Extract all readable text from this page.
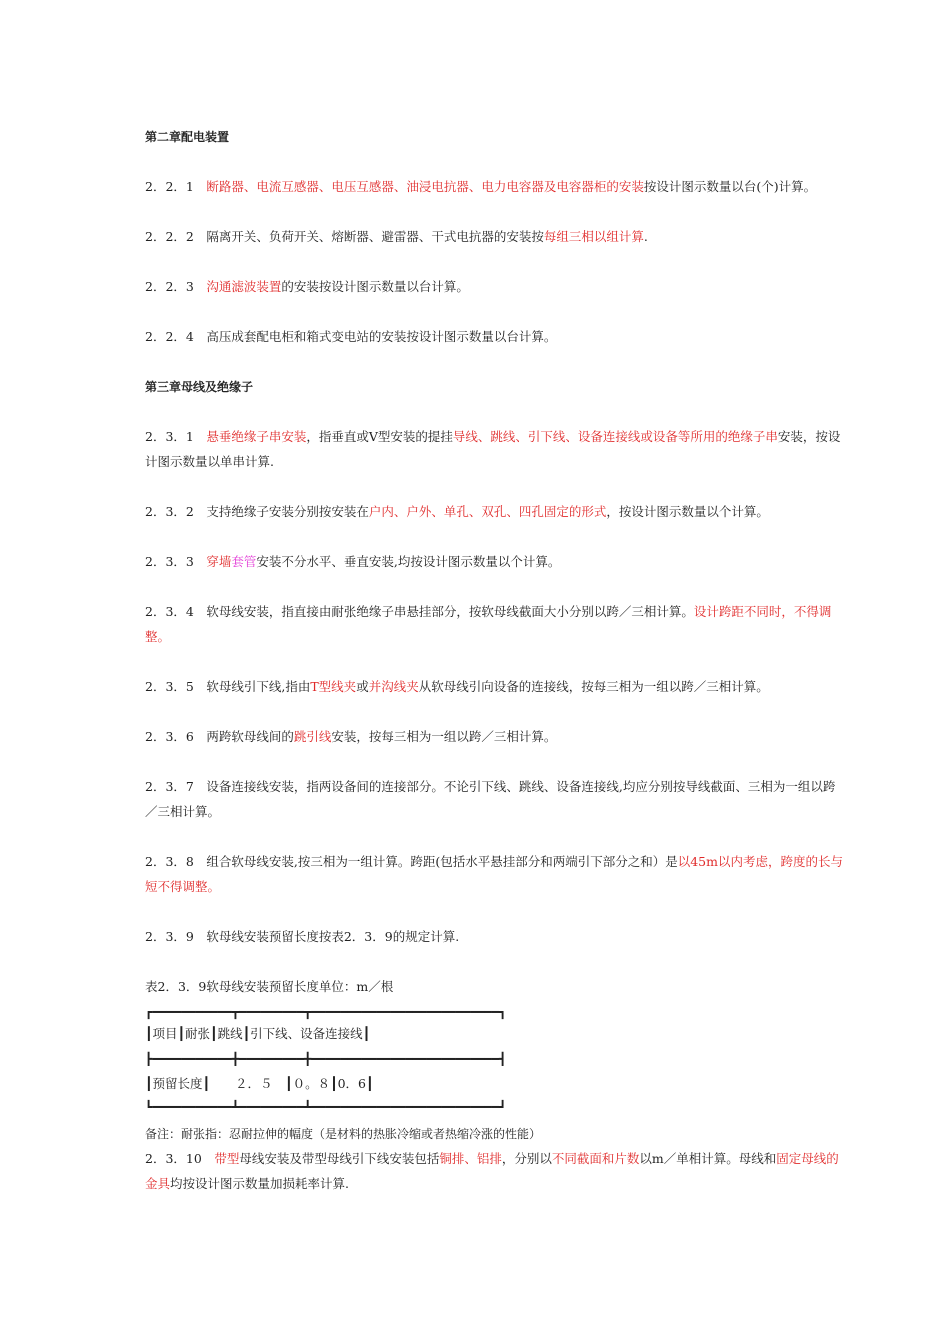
第二章配电装置
2．2．1　断路器、电流互感器、电压互感器、油浸电抗器、电力电容器及电容器柜的安装按设计图示数量以台(个)计算。
2．2．2　隔离开关、负荷开关、熔断器、避雷器、干式电抗器的安装按每组三相以组计算.
2．2．3　沟通滤波装置的安装按设计图示数量以台计算。
2．2．4　高压成套配电柜和箱式变电站的安装按设计图示数量以台计算。
第三章母线及绝缘子
2．3．1　悬垂绝缘子串安装，指垂直或V型安装的提挂导线、跳线、引下线、设备连接线或设备等所用的绝缘子串安装，按设
计图示数量以单串计算.
2．3．2　支持绝缘子安装分别按安装在户内、户外、单孔、双孔、四孔固定的形式，按设计图示数量以个计算。
2．3．3　穿墙套管安装不分水平、垂直安装,均按设计图示数量以个计算。
2．3．4　软母线安装，指直接由耐张绝缘子串悬挂部分，按软母线截面大小分别以跨／三相计算。设计跨距不同时，不得调
整。
2．3．5　软母线引下线,指由T型线夹或并沟线夹从软母线引向设备的连接线，按每三相为一组以跨／三相计算。
2．3．6　两跨软母线间的跳引线安装，按每三相为一组以跨／三相计算。
2．3．7　设备连接线安装，指两设备间的连接部分。不论引下线、跳线、设备连接线,均应分别按导线截面、三相为一组以跨
／三相计算。
2．3．8　组合软母线安装,按三相为一组计算。跨距(包括水平悬挂部分和两端引下部分之和）是以45m以内考虑，跨度的长与
短不得调整。
2．3．9　软母线安装预留长度按表2．3．9的规定计算.
表2．3．9软母线安装预留长度单位：m／根
┏━━━━━━━━━━━┳━━━━━━━━━┳━━━━━━━━━━━━━━━━━━━━━━━━━━┓
┃项目┃耐张┃跳线┃引下线、设备连接线┃
┣━━━━━━━━━━━╋━━━━━━━━━╋━━━━━━━━━━━━━━━━━━━━━━━━━━┫
┃预留长度┃　　２．５　┃０。８┃0．6┃
┗━━━━━━━━━━━┻━━━━━━━━━┻━━━━━━━━━━━━━━━━━━━━━━━━━━┛
备注：耐张指：忍耐拉伸的幅度（是材料的热胀冷缩或者热缩冷涨的性能）
2．3．10　带型母线安装及带型母线引下线安装包括铜排、铝排，分别以不同截面和片数以m／单相计算。母线和固定母线的
金具均按设计图示数量加损耗率计算.
